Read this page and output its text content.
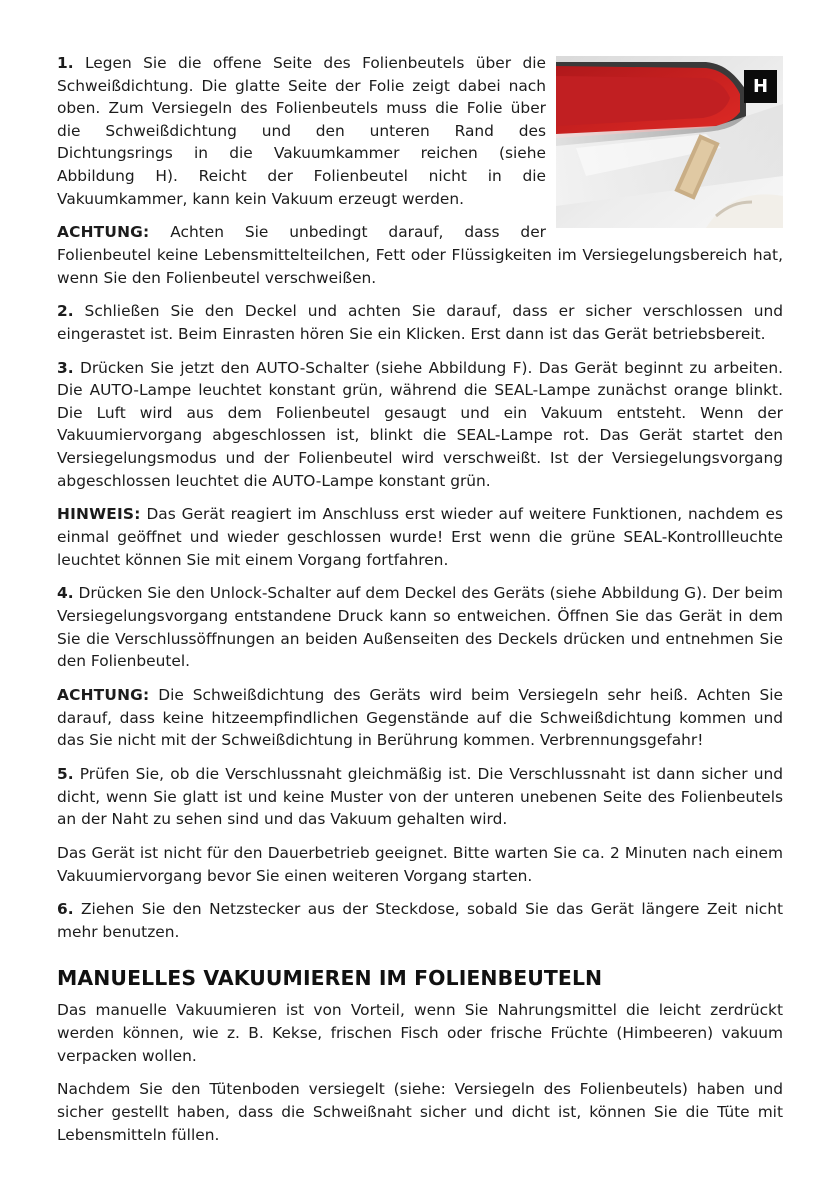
H

1. Legen Sie die offene Seite des Folienbeutels über die Schweißdichtung. Die glatte Seite der Folie zeigt dabei nach oben. Zum Versiegeln des Folienbeutels muss die Folie über die Schweißdichtung und den unteren Rand des Dichtungsrings in die Vakuumkammer reichen (siehe Abbildung H). Reicht der Folienbeutel nicht in die Vakuumkammer, kann kein Vakuum erzeugt werden.

ACHTUNG: Achten Sie unbedingt darauf, dass der Folienbeutel keine Lebensmittelteilchen, Fett oder Flüssigkeiten im Versiegelungsbereich hat, wenn Sie den Folienbeutel verschweißen.

2. Schließen Sie den Deckel und achten Sie darauf, dass er sicher verschlossen und eingerastet ist. Beim Einrasten hören Sie ein Klicken. Erst dann ist das Gerät betriebsbereit.

3. Drücken Sie jetzt den AUTO-Schalter (siehe Abbildung F). Das Gerät beginnt zu arbeiten. Die AUTO-Lampe leuchtet konstant grün, während die SEAL-Lampe zunächst orange blinkt. Die Luft wird aus dem Folienbeutel gesaugt und ein Vakuum entsteht. Wenn der Vakuumiervorgang abgeschlossen ist, blinkt die SEAL-Lampe rot. Das Gerät startet den Versiegelungsmodus und der Folienbeutel wird verschweißt. Ist der Versiegelungsvorgang abgeschlossen leuchtet die AUTO-Lampe konstant grün.

HINWEIS: Das Gerät reagiert im Anschluss erst wieder auf weitere Funktionen, nachdem es einmal geöffnet und wieder geschlossen wurde! Erst wenn die grüne SEAL-Kontrollleuchte leuchtet können Sie mit einem Vorgang fortfahren.

4. Drücken Sie den Unlock-Schalter auf dem Deckel des Geräts (siehe Abbildung G). Der beim Versiegelungsvorgang entstandene Druck kann so entweichen. Öffnen Sie das Gerät in dem Sie die Verschlussöffnungen an beiden Außenseiten des Deckels drücken und entnehmen Sie den Folienbeutel.

ACHTUNG: Die Schweißdichtung des Geräts wird beim Versiegeln sehr heiß. Achten Sie darauf, dass keine hitzeempfindlichen Gegenstände auf die Schweißdichtung kommen und das Sie nicht mit der Schweißdichtung in Berührung kommen. Verbrennungsgefahr!

5. Prüfen Sie, ob die Verschlussnaht gleichmäßig ist. Die Verschlussnaht ist dann sicher und dicht, wenn Sie glatt ist und keine Muster von der unteren unebenen Seite des Folienbeutels an der Naht zu sehen sind und das Vakuum gehalten wird.

Das Gerät ist nicht für den Dauerbetrieb geeignet. Bitte warten Sie ca. 2 Minuten nach einem Vakuumiervorgang bevor Sie einen weiteren Vorgang starten.

6. Ziehen Sie den Netzstecker aus der Steckdose, sobald Sie das Gerät längere Zeit nicht mehr benutzen.

MANUELLES VAKUUMIEREN IM FOLIENBEUTELN

Das manuelle Vakuumieren ist von Vorteil, wenn Sie Nahrungsmittel die leicht zerdrückt werden können, wie z. B. Kekse, frischen Fisch oder frische Früchte (Himbeeren) vakuum verpacken wollen.

Nachdem Sie den Tütenboden versiegelt (siehe: Versiegeln des Folienbeutels) haben und sicher gestellt haben, dass die Schweißnaht sicher und dicht ist, können Sie die Tüte mit Lebensmitteln füllen.
